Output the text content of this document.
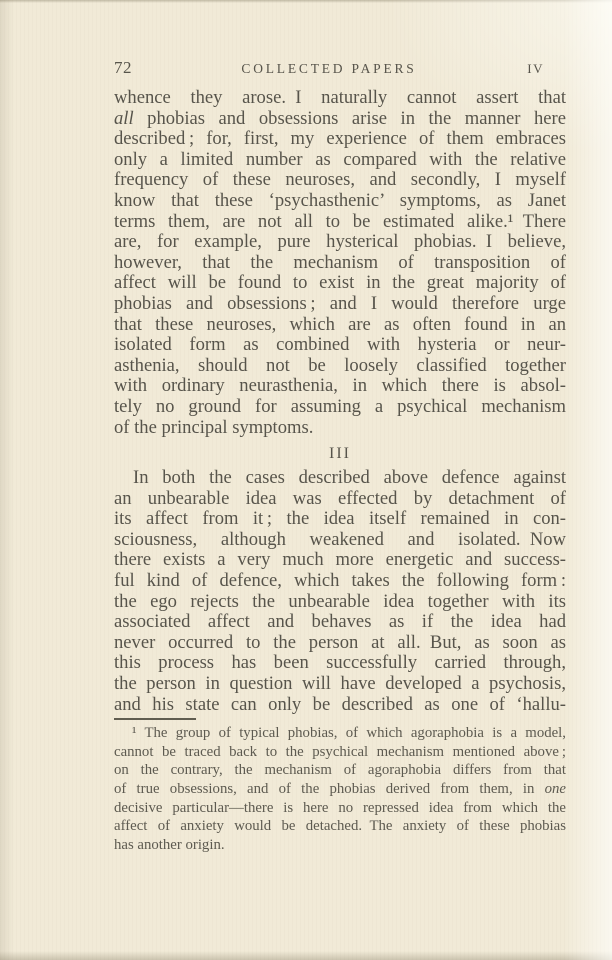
72	COLLECTED PAPERS	IV
whence they arose. I naturally cannot assert that
all phobias and obsessions arise in the manner here
described ; for, first, my experience of them embraces
only a limited number as compared with the relative
frequency of these neuroses, and secondly, I myself
know that these ‘psychasthenic’ symptoms, as Janet
terms them, are not all to be estimated alike.¹ There
are, for example, pure hysterical phobias. I believe,
however, that the mechanism of transposition of
affect will be found to exist in the great majority of
phobias and obsessions ; and I would therefore urge
that these neuroses, which are as often found in an
isolated form as combined with hysteria or neur-
asthenia, should not be loosely classified together
with ordinary neurasthenia, in which there is absol-
tely no ground for assuming a psychical mechanism
of the principal symptoms.
III
In both the cases described above defence against
an unbearable idea was effected by detachment of
its affect from it ; the idea itself remained in con-
sciousness, although weakened and isolated. Now
there exists a very much more energetic and success-
ful kind of defence, which takes the following form :
the ego rejects the unbearable idea together with its
associated affect and behaves as if the idea had
never occurred to the person at all. But, as soon as
this process has been successfully carried through,
the person in question will have developed a psychosis,
and his state can only be described as one of ‘hallu-
¹ The group of typical phobias, of which agoraphobia is a model,
cannot be traced back to the psychical mechanism mentioned above ;
on the contrary, the mechanism of agoraphobia differs from that
of true obsessions, and of the phobias derived from them, in one
decisive particular—there is here no repressed idea from which the
affect of anxiety would be detached. The anxiety of these phobias
has another origin.
